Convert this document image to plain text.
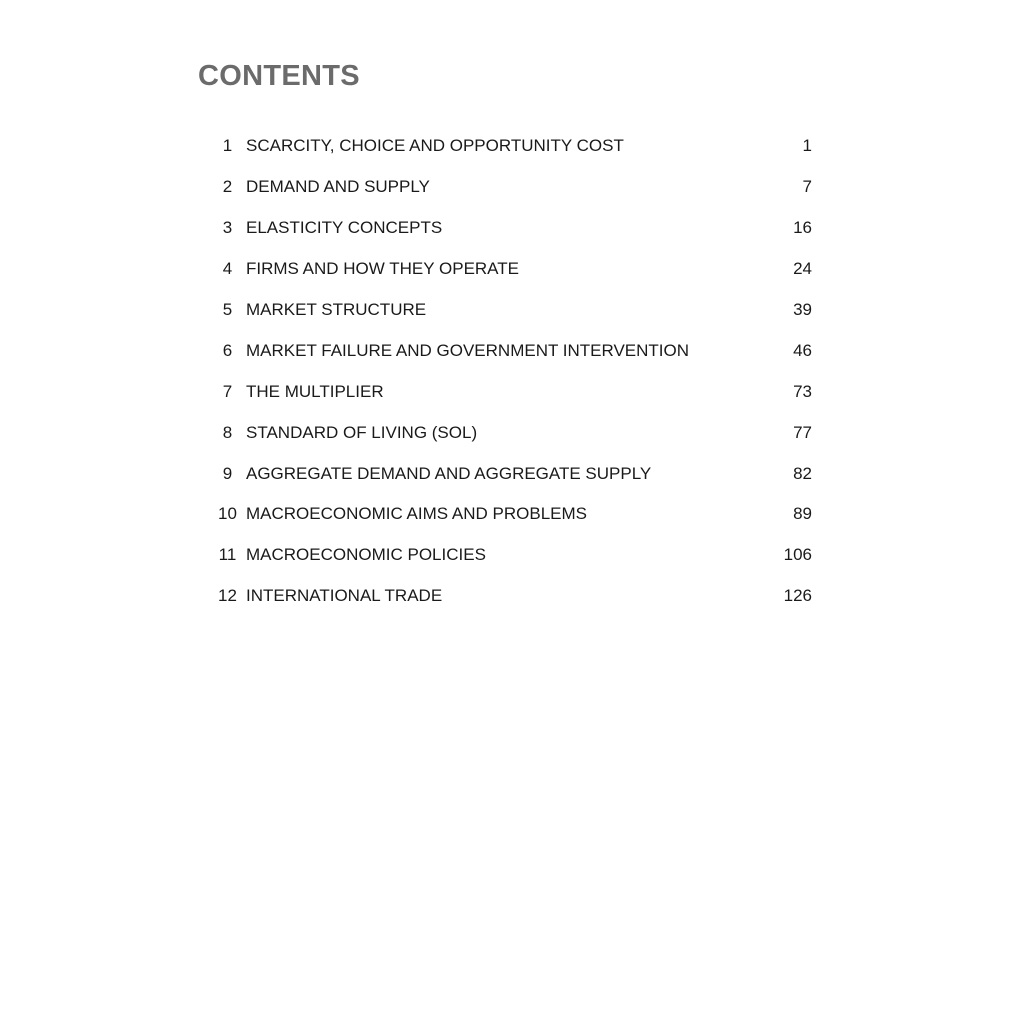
CONTENTS
1 SCARCITY, CHOICE AND OPPORTUNITY COST	1
2 DEMAND AND SUPPLY	7
3 ELASTICITY CONCEPTS	16
4 FIRMS AND HOW THEY OPERATE	24
5 MARKET STRUCTURE	39
6 MARKET FAILURE AND GOVERNMENT INTERVENTION	46
7 THE MULTIPLIER	73
8 STANDARD OF LIVING (SOL)	77
9 AGGREGATE DEMAND AND AGGREGATE SUPPLY	82
10 MACROECONOMIC AIMS AND PROBLEMS	89
11 MACROECONOMIC POLICIES	106
12 INTERNATIONAL TRADE	126
